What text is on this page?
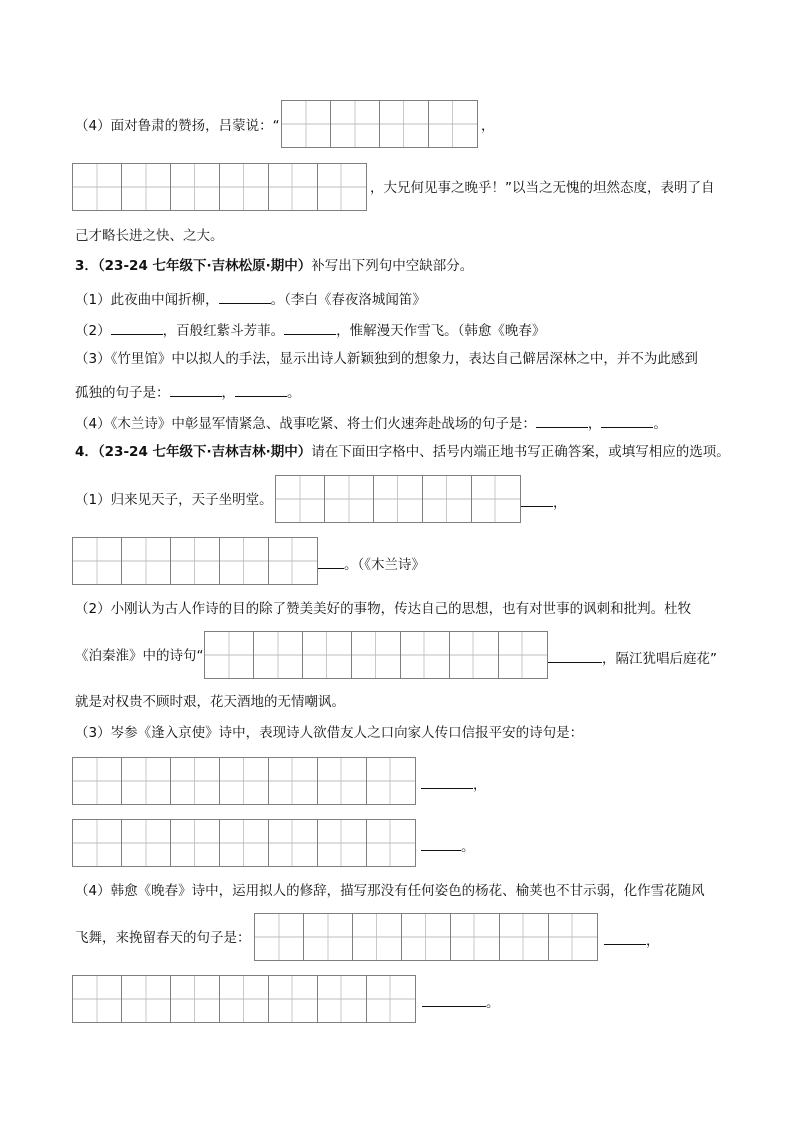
（4）面对鲁肃的赞扬，吕蒙说：“	，
，大兄何见事之晚乎！”以当之无愧的坦然态度，表明了自
己才略长进之快、之大。
3．（23-24 七年级下·吉林松原·期中）补写出下列句中空缺部分。
（1）此夜曲中闻折柳，	。（李白《春夜洛城闻笛》
（2）	，百般红紫斗芳菲。	，惟解漫天作雪飞。（韩愈《晚春》
（3）《竹里馆》中以拟人的手法，显示出诗人新颖独到的想象力，表达自己僻居深林之中，并不为此感到
孤独的句子是：	，	。
（4）《木兰诗》中彰显军情紧急、战事吃紧、将士们火速奔赴战场的句子是：	，	。
4．（23-24 七年级下·吉林吉林·期中）请在下面田字格中、括号内端正地书写正确答案，或填写相应的选项。
（1）归来见天子，天子坐明堂。	，
。（《木兰诗》
（2）小刚认为古人作诗的目的除了赞美美好的事物，传达自己的思想，也有对世事的讽刺和批判。杜牧
《泊秦淮》中的诗句“	，隔江犹唱后庭花”
就是对权贵不顾时艰，花天酒地的无情嘲讽。
（3）岑参《逢入京使》诗中，表现诗人欲借友人之口向家人传口信报平安的诗句是：
，
。
（4）韩愈《晚春》诗中，运用拟人的修辞，描写那没有任何姿色的杨花、榆荚也不甘示弱，化作雪花随风
飞舞，来挽留春天的句子是：	，
。
